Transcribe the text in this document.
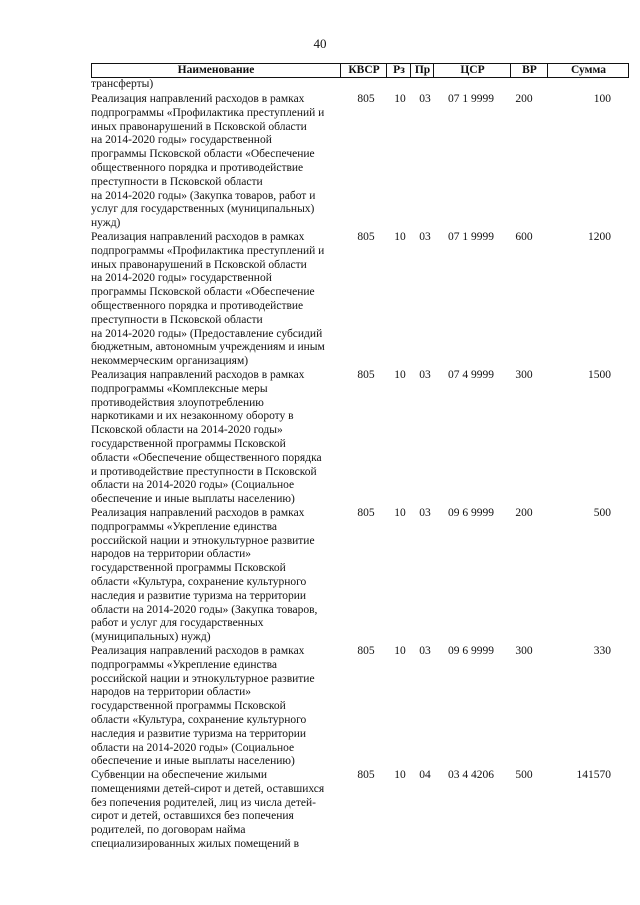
40
Наименование	КВСР	Рз Пр	ЦСР	ВР	Сумма
трансферты)
Реализация направлений расходов в рамках
подпрограммы «Профилактика преступлений и
иных правонарушений в Псковской области
на 2014-2020 годы» государственной
программы Псковской области «Обеспечение
общественного порядка и противодействие
преступности в Псковской области
на 2014-2020 годы» (Закупка товаров, работ и
услуг для государственных (муниципальных)
нужд)
805	10	03	07 1 9999	200	100
Реализация направлений расходов в рамках
подпрограммы «Профилактика преступлений и
иных правонарушений в Псковской области
на 2014-2020 годы» государственной
программы Псковской области «Обеспечение
общественного порядка и противодействие
преступности в Псковской области
на 2014-2020 годы» (Предоставление субсидий
бюджетным, автономным учреждениям и иным
некоммерческим организациям)
805	10	03	07 1 9999	600	1200
Реализация направлений расходов в рамках
подпрограммы «Комплексные меры
противодействия злоупотреблению
наркотиками и их незаконному обороту в
Псковской области на 2014-2020 годы»
государственной программы Псковской
области «Обеспечение общественного порядка
и противодействие преступности в Псковской
области на 2014-2020 годы» (Социальное
обеспечение и иные выплаты населению)
805	10	03	07 4 9999	300	1500
Реализация направлений расходов в рамках
подпрограммы «Укрепление единства
российской нации и этнокультурное развитие
народов на территории области»
государственной программы Псковской
области «Культура, сохранение культурного
наследия и развитие туризма на территории
области на 2014-2020 годы» (Закупка товаров,
работ и услуг для государственных
(муниципальных) нужд)
805	10	03	09 6 9999	200	500
Реализация направлений расходов в рамках
подпрограммы «Укрепление единства
российской нации и этнокультурное развитие
народов на территории области»
государственной программы Псковской
области «Культура, сохранение культурного
наследия и развитие туризма на территории
области на 2014-2020 годы» (Социальное
обеспечение и иные выплаты населению)
805	10	03	09 6 9999	300	330
Субвенции на обеспечение жилыми
помещениями детей-сирот и детей, оставшихся
без попечения родителей, лиц из числа детей-
сирот и детей, оставшихся без попечения
родителей, по договорам найма
специализированных жилых помещений в
805	10	04	03 4 4206	500	141570
